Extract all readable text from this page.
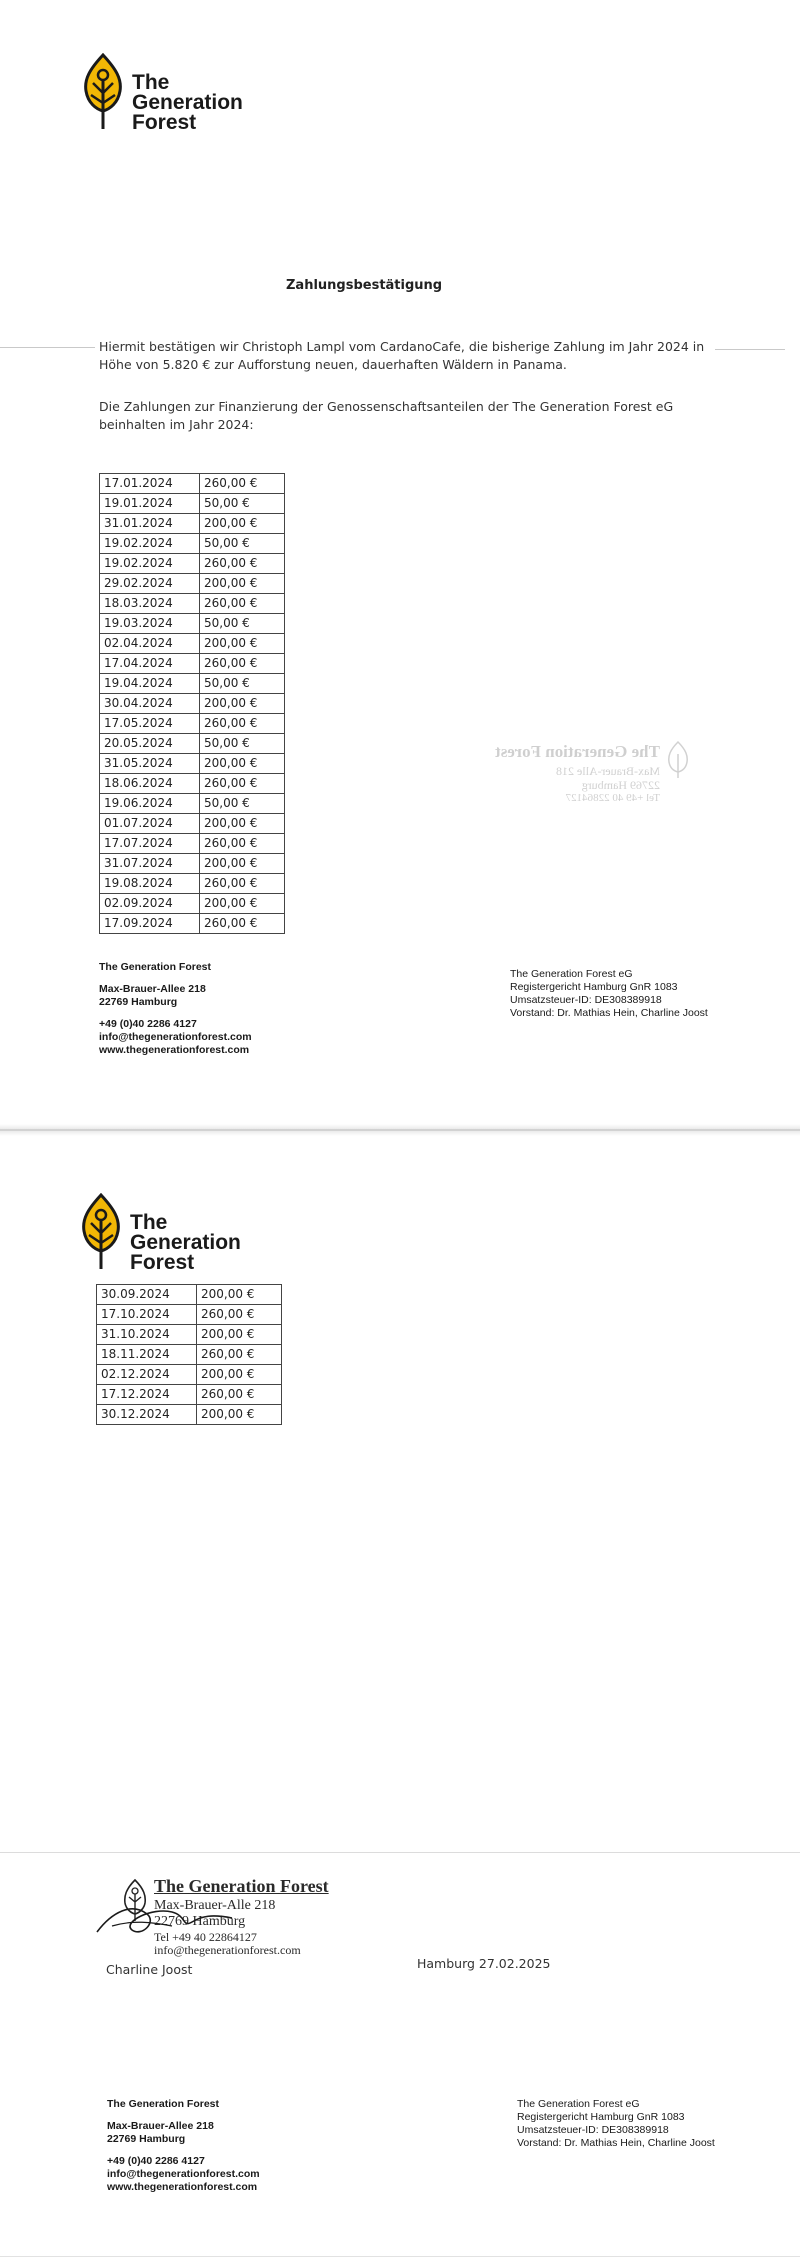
The
Generation
Forest
Zahlungsbestätigung
Hiermit bestätigen wir Christoph Lampl vom CardanoCafe, die bisherige Zahlung im Jahr 2024 in Höhe von 5.820 € zur Aufforstung neuen, dauerhaften Wäldern in Panama.
Die Zahlungen zur Finanzierung der Genossenschaftsanteilen der The Generation Forest eG beinhalten im Jahr 2024:
17.01.2024	260,00 €
19.01.2024	50,00 €
31.01.2024	200,00 €
19.02.2024	50,00 €
19.02.2024	260,00 €
29.02.2024	200,00 €
18.03.2024	260,00 €
19.03.2024	50,00 €
02.04.2024	200,00 €
17.04.2024	260,00 €
19.04.2024	50,00 €
30.04.2024	200,00 €
17.05.2024	260,00 €
20.05.2024	50,00 €
31.05.2024	200,00 €
18.06.2024	260,00 €
19.06.2024	50,00 €
01.07.2024	200,00 €
17.07.2024	260,00 €
31.07.2024	200,00 €
19.08.2024	260,00 €
02.09.2024	200,00 €
17.09.2024	260,00 €
The Generation Forest
Max-Brauer-Alle 218
22769 Hamburg
Tel +49 40 22864127
The Generation Forest
Max-Brauer-Allee 218
22769 Hamburg
+49 (0)40 2286 4127
info@thegenerationforest.com
www.thegenerationforest.com
The Generation Forest eG
Registergericht Hamburg GnR 1083
Umsatzsteuer-ID: DE308389918
Vorstand: Dr. Mathias Hein, Charline Joost
The
Generation
Forest
30.09.2024	200,00 €
17.10.2024	260,00 €
31.10.2024	200,00 €
18.11.2024	260,00 €
02.12.2024	200,00 €
17.12.2024	260,00 €
30.12.2024	200,00 €
The Generation Forest
Max-Brauer-Alle 218
22769 Hamburg
Tel +49 40 22864127
info@thegenerationforest.com
Charline Joost	Hamburg 27.02.2025
The Generation Forest
Max-Brauer-Allee 218
22769 Hamburg
+49 (0)40 2286 4127
info@thegenerationforest.com
www.thegenerationforest.com
The Generation Forest eG
Registergericht Hamburg GnR 1083
Umsatzsteuer-ID: DE308389918
Vorstand: Dr. Mathias Hein, Charline Joost
